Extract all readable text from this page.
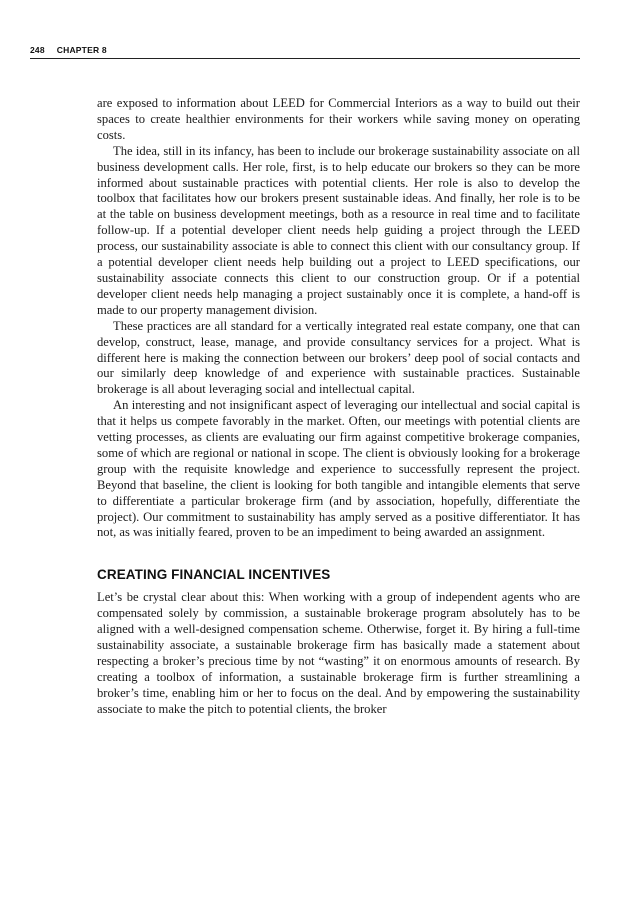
248 CHAPTER 8

are exposed to information about LEED for Commercial Interiors as a way to build out their spaces to create healthier environments for their workers while saving money on operating costs.

The idea, still in its infancy, has been to include our brokerage sustainability associate on all business development calls. Her role, first, is to help educate our brokers so they can be more informed about sustainable practices with potential clients. Her role is also to develop the toolbox that facilitates how our brokers present sustainable ideas. And finally, her role is to be at the table on business development meetings, both as a resource in real time and to facilitate follow-up. If a potential developer client needs help guiding a project through the LEED process, our sustainability associate is able to connect this client with our consultancy group. If a potential developer client needs help building out a project to LEED specifications, our sustainability associate connects this client to our construction group. Or if a potential developer client needs help managing a project sustainably once it is complete, a hand-off is made to our property management division.

These practices are all standard for a vertically integrated real estate company, one that can develop, construct, lease, manage, and provide consultancy services for a project. What is different here is making the connection between our brokers’ deep pool of social contacts and our similarly deep knowledge of and experience with sustainable practices. Sustainable brokerage is all about leveraging social and intellectual capital.

An interesting and not insignificant aspect of leveraging our intellectual and social capital is that it helps us compete favorably in the market. Often, our meetings with potential clients are vetting processes, as clients are evaluating our firm against competitive brokerage companies, some of which are regional or national in scope. The client is obviously looking for a brokerage group with the requisite knowledge and experience to successfully represent the project. Beyond that baseline, the client is looking for both tangible and intangible elements that serve to differentiate a particular brokerage firm (and by association, hopefully, differentiate the project). Our commitment to sustainability has amply served as a positive differentiator. It has not, as was initially feared, proven to be an impediment to being awarded an assignment.

CREATING FINANCIAL INCENTIVES

Let’s be crystal clear about this: When working with a group of independent agents who are compensated solely by commission, a sustainable brokerage program absolutely has to be aligned with a well-designed compensation scheme. Otherwise, forget it. By hiring a full-time sustainability associate, a sustainable brokerage firm has basically made a statement about respecting a broker’s precious time by not “wasting” it on enormous amounts of research. By creating a toolbox of information, a sustainable brokerage firm is further streamlining a broker’s time, enabling him or her to focus on the deal. And by empowering the sustainability associate to make the pitch to potential clients, the broker
